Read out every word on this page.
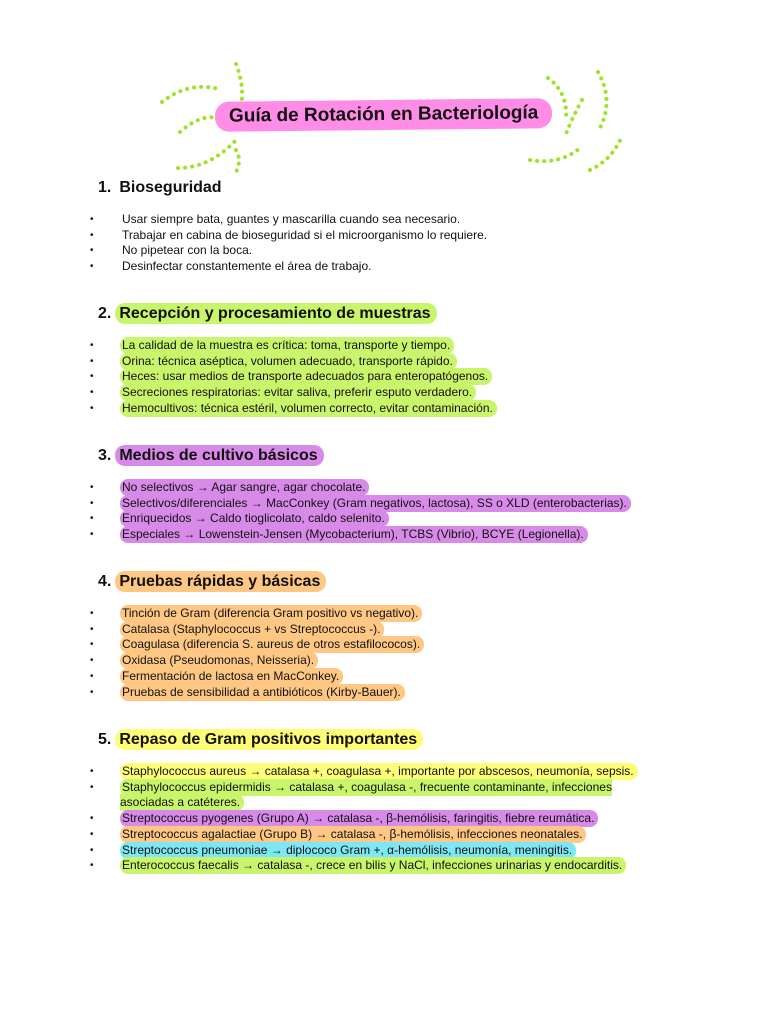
Guía de Rotación en Bacteriología
1. Bioseguridad
• Usar siempre bata, guantes y mascarilla cuando sea necesario.
• Trabajar en cabina de bioseguridad si el microorganismo lo requiere.
• No pipetear con la boca.
• Desinfectar constantemente el área de trabajo.
2. Recepción y procesamiento de muestras
• La calidad de la muestra es crítica: toma, transporte y tiempo.
• Orina: técnica aséptica, volumen adecuado, transporte rápido.
• Heces: usar medios de transporte adecuados para enteropatógenos.
• Secreciones respiratorias: evitar saliva, preferir esputo verdadero.
• Hemocultivos: técnica estéril, volumen correcto, evitar contaminación.
3. Medios de cultivo básicos
• No selectivos → Agar sangre, agar chocolate.
• Selectivos/diferenciales → MacConkey (Gram negativos, lactosa), SS o XLD (enterobacterias).
• Enriquecidos → Caldo tioglicolato, caldo selenito.
• Especiales → Lowenstein-Jensen (Mycobacterium), TCBS (Vibrio), BCYE (Legionella).
4. Pruebas rápidas y básicas
• Tinción de Gram (diferencia Gram positivo vs negativo).
• Catalasa (Staphylococcus + vs Streptococcus -).
• Coagulasa (diferencia S. aureus de otros estafilococos).
• Oxidasa (Pseudomonas, Neisseria).
• Fermentación de lactosa en MacConkey.
• Pruebas de sensibilidad a antibióticos (Kirby-Bauer).
5. Repaso de Gram positivos importantes
• Staphylococcus aureus → catalasa +, coagulasa +, importante por abscesos, neumonía, sepsis.
• Staphylococcus epidermidis → catalasa +, coagulasa -, frecuente contaminante, infecciones asociadas a catéteres.
• Streptococcus pyogenes (Grupo A) → catalasa -, β-hemólisis, faringitis, fiebre reumática.
• Streptococcus agalactiae (Grupo B) → catalasa -, β-hemólisis, infecciones neonatales.
• Streptococcus pneumoniae → diplococo Gram +, α-hemólisis, neumonía, meningitis.
• Enterococcus faecalis → catalasa -, crece en bilis y NaCl, infecciones urinarias y endocarditis.
